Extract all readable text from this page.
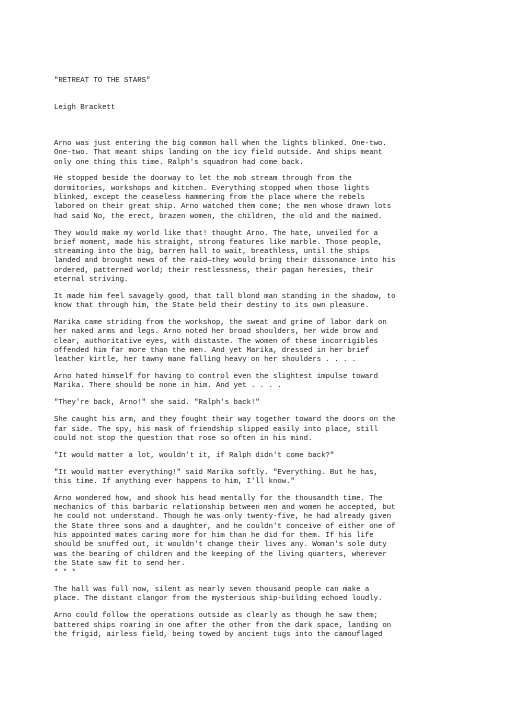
"RETREAT TO THE STARS"

Leigh Brackett

Arno was just entering the big common hall when the lights blinked. One-two.
One-two. That meant ships landing on the icy field outside. And ships meant
only one thing this time. Ralph's squadron had come back.
He stopped beside the doorway to let the mob stream through from the
dormitories, workshops and kitchen. Everything stopped when those lights
blinked, except the ceaseless hammering from the place where the rebels
labored on their great ship. Arno watched them come; the men whose drawn lots
had said No, the erect, brazen women, the children, the old and the maimed.
They would make my world like that! thought Arno. The hate, unveiled for a
brief moment, made his straight, strong features like marble. Those people,
streaming into the big, barren hall to wait, breathless, until the ships
landed and brought news of the raid—they would bring their dissonance into his
ordered, patterned world; their restlessness, their pagan heresies, their
eternal striving.
It made him feel savagely good, that tall blond man standing in the shadow, to
know that through him, the State held their destiny to its own pleasure.
Marika came striding from the workshop, the sweat and grime of labor dark on
her naked arms and legs. Arno noted her broad shoulders, her wide brow and
clear, authoritative eyes, with distaste. The women of these incorrigibles
offended him far more than the men. And yet Marika, dressed in her brief
leather kirtle, her tawny mane falling heavy on her shoulders . . . .
Arno hated himself for having to control even the slightest impulse toward
Marika. There should be none in him. And yet . . . .
"They're back, Arno!" she said. "Ralph's back!"
She caught his arm, and they fought their way together toward the doors on the
far side. The spy, his mask of friendship slipped easily into place, still
could not stop the question that rose so often in his mind.
"It would matter a lot, wouldn't it, if Ralph didn't come back?"
"It would matter everything!" said Marika softly. "Everything. But he has,
this time. If anything ever happens to him, I'll know."
Arno wondered how, and shook his head mentally for the thousandth time. The
mechanics of this barbaric relationship between men and women he accepted, but
he could not understand. Though he was only twenty-five, he had already given
the State three sons and a daughter, and he couldn't conceive of either one of
his appointed mates caring more for him than he did for them. If his life
should be snuffed out, it wouldn't change their lives any. Woman's sole duty
was the bearing of children and the keeping of the living quarters, wherever
the State saw fit to send her.
* * *
The hall was full now, silent as nearly seven thousand people can make a
place. The distant clangor from the mysterious ship-building echoed loudly.
Arno could follow the operations outside as clearly as though he saw them;
battered ships roaring in one after the other from the dark space, landing on
the frigid, airless field, being towed by ancient tugs into the camouflaged
